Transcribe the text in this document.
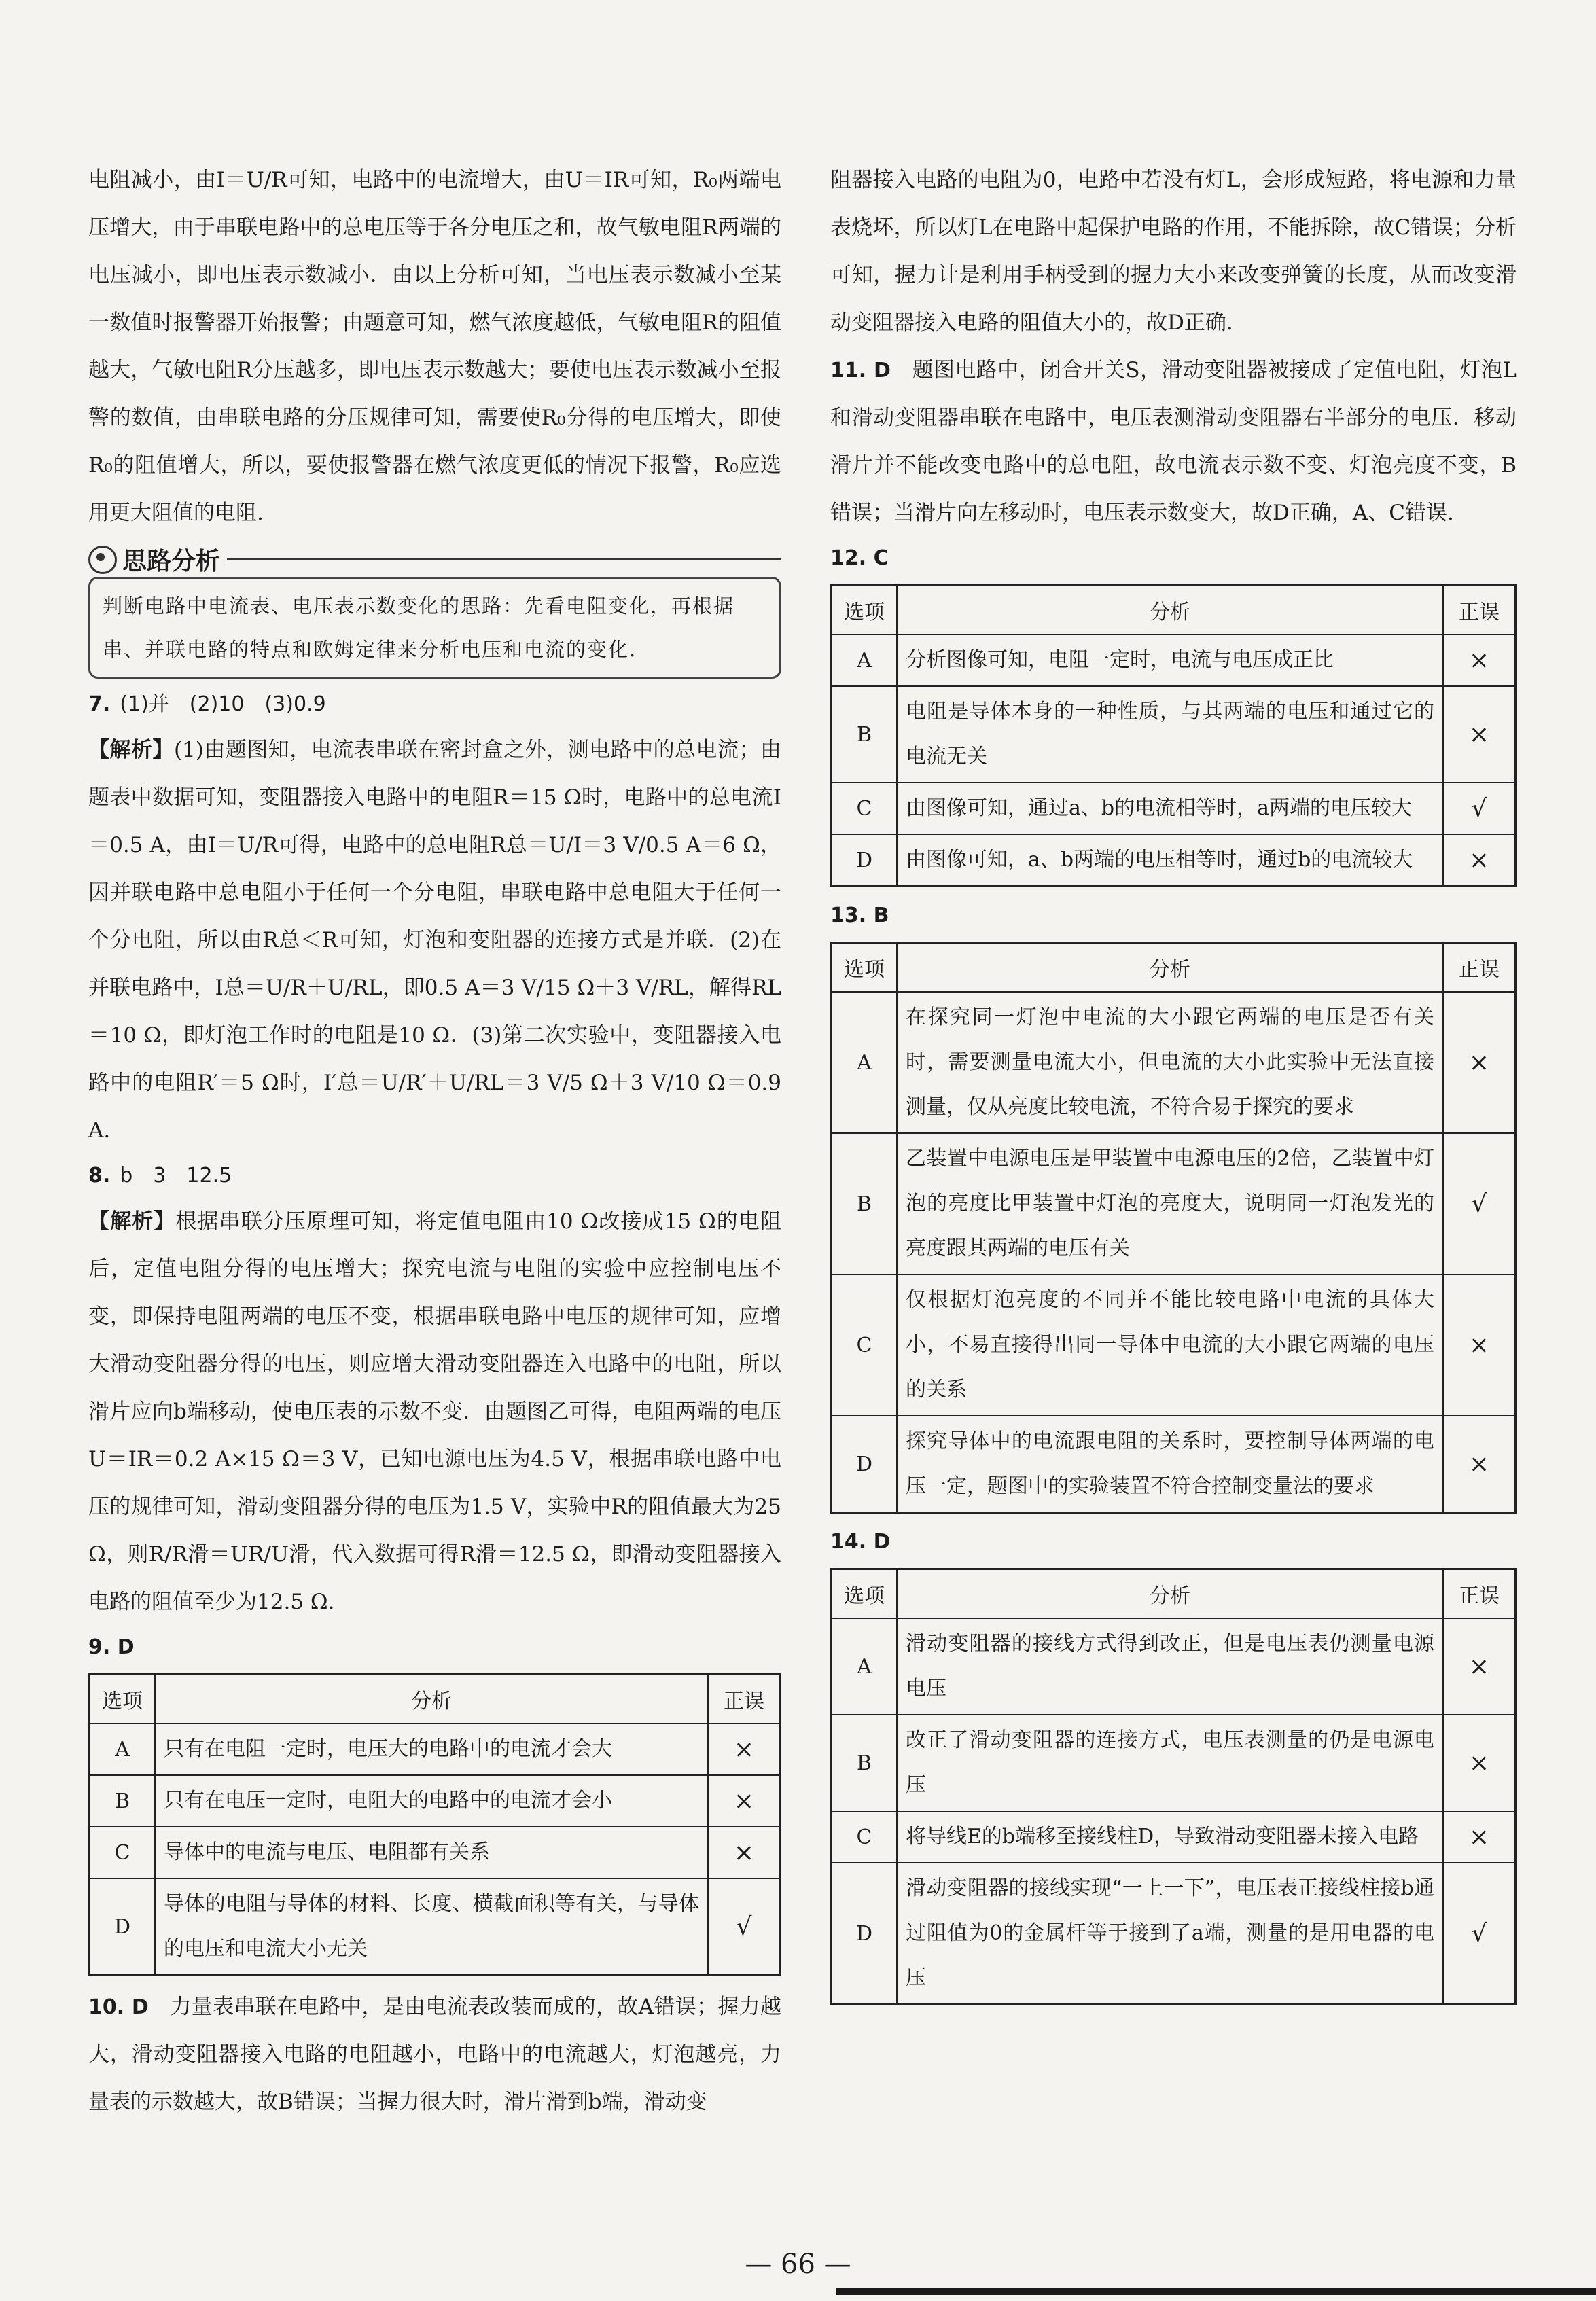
电阻减小，由I＝U/R可知，电路中的电流增大，由U＝IR可知，R₀两端电压增大，由于串联电路中的总电压等于各分电压之和，故气敏电阻R两端的电压减小，即电压表示数减小．由以上分析可知，当电压表示数减小至某一数值时报警器开始报警；由题意可知，燃气浓度越低，气敏电阻R的阻值越大，气敏电阻R分压越多，即电压表示数越大；要使电压表示数减小至报警的数值，由串联电路的分压规律可知，需要使R₀分得的电压增大，即使R₀的阻值增大，所以，要使报警器在燃气浓度更低的情况下报警，R₀应选用更大阻值的电阻.

思路分析
判断电路中电流表、电压表示数变化的思路：先看电阻变化，再根据串、并联电路的特点和欧姆定律来分析电压和电流的变化.

7. (1)并　(2)10　(3)0.9

【解析】(1)由题图知，电流表串联在密封盒之外，测电路中的总电流；由题表中数据可知，变阻器接入电路中的电阻R＝15 Ω时，电路中的总电流I＝0.5 A，由I＝U/R可得，电路中的总电阻R总＝U/I＝3 V/0.5 A＝6 Ω，因并联电路中总电阻小于任何一个分电阻，串联电路中总电阻大于任何一个分电阻，所以由R总＜R可知，灯泡和变阻器的连接方式是并联．(2)在并联电路中，I总＝U/R＋U/RL，即0.5 A＝3 V/15 Ω＋3 V/RL，解得RL＝10 Ω，即灯泡工作时的电阻是10 Ω．(3)第二次实验中，变阻器接入电路中的电阻R′＝5 Ω时，I′总＝U/R′＋U/RL＝3 V/5 Ω＋3 V/10 Ω＝0.9 A.

8. b　3　12.5

【解析】根据串联分压原理可知，将定值电阻由10 Ω改接成15 Ω的电阻后，定值电阻分得的电压增大；探究电流与电阻的实验中应控制电压不变，即保持电阻两端的电压不变，根据串联电路中电压的规律可知，应增大滑动变阻器分得的电压，则应增大滑动变阻器连入电路中的电阻，所以滑片应向b端移动，使电压表的示数不变．由题图乙可得，电阻两端的电压U＝IR＝0.2 A×15 Ω＝3 V，已知电源电压为4.5 V，根据串联电路中电压的规律可知，滑动变阻器分得的电压为1.5 V，实验中R的阻值最大为25 Ω，则R/R滑＝UR/U滑，代入数据可得R滑＝12.5 Ω，即滑动变阻器接入电路的阻值至少为12.5 Ω.

9. D
选项	分析	正误
A	只有在电阻一定时，电压大的电路中的电流才会大	×
B	只有在电压一定时，电阻大的电路中的电流才会小	×
C	导体中的电流与电压、电阻都有关系	×
D	导体的电阻与导体的材料、长度、横截面积等有关，与导体的电压和电流大小无关	√

10. D　 力量表串联在电路中，是由电流表改装而成的，故A错误；握力越大，滑动变阻器接入电路的电阻越小，电路中的电流越大，灯泡越亮，力量表的示数越大，故B错误；当握力很大时，滑片滑到b端，滑动变

阻器接入电路的电阻为0，电路中若没有灯L，会形成短路，将电源和力量表烧坏，所以灯L在电路中起保护电路的作用，不能拆除，故C错误；分析可知，握力计是利用手柄受到的握力大小来改变弹簧的长度，从而改变滑动变阻器接入电路的阻值大小的，故D正确.

11. D　 题图电路中，闭合开关S，滑动变阻器被接成了定值电阻，灯泡L和滑动变阻器串联在电路中，电压表测滑动变阻器右半部分的电压．移动滑片并不能改变电路中的总电阻，故电流表示数不变、灯泡亮度不变，B错误；当滑片向左移动时，电压表示数变大，故D正确，A、C错误.

12. C
选项	分析	正误
A	分析图像可知，电阻一定时，电流与电压成正比	×
B	电阻是导体本身的一种性质，与其两端的电压和通过它的电流无关	×
C	由图像可知，通过a、b的电流相等时，a两端的电压较大	√
D	由图像可知，a、b两端的电压相等时，通过b的电流较大	×
13. B
选项	分析	正误
A	在探究同一灯泡中电流的大小跟它两端的电压是否有关时，需要测量电流大小，但电流的大小此实验中无法直接测量，仅从亮度比较电流，不符合易于探究的要求	×
B	乙装置中电源电压是甲装置中电源电压的2倍，乙装置中灯泡的亮度比甲装置中灯泡的亮度大，说明同一灯泡发光的亮度跟其两端的电压有关	√
C	仅根据灯泡亮度的不同并不能比较电路中电流的具体大小，不易直接得出同一导体中电流的大小跟它两端的电压的关系	×
D	探究导体中的电流跟电阻的关系时，要控制导体两端的电压一定，题图中的实验装置不符合控制变量法的要求	×
14. D
选项	分析	正误
A	滑动变阻器的接线方式得到改正，但是电压表仍测量电源电压	×
B	改正了滑动变阻器的连接方式，电压表测量的仍是电源电压	×
C	将导线E的b端移至接线柱D，导致滑动变阻器未接入电路	×
D	滑动变阻器的接线实现“一上一下”，电压表正接线柱接b通过阻值为0的金属杆等于接到了a端，测量的是用电器的电压	√
— 66 —
